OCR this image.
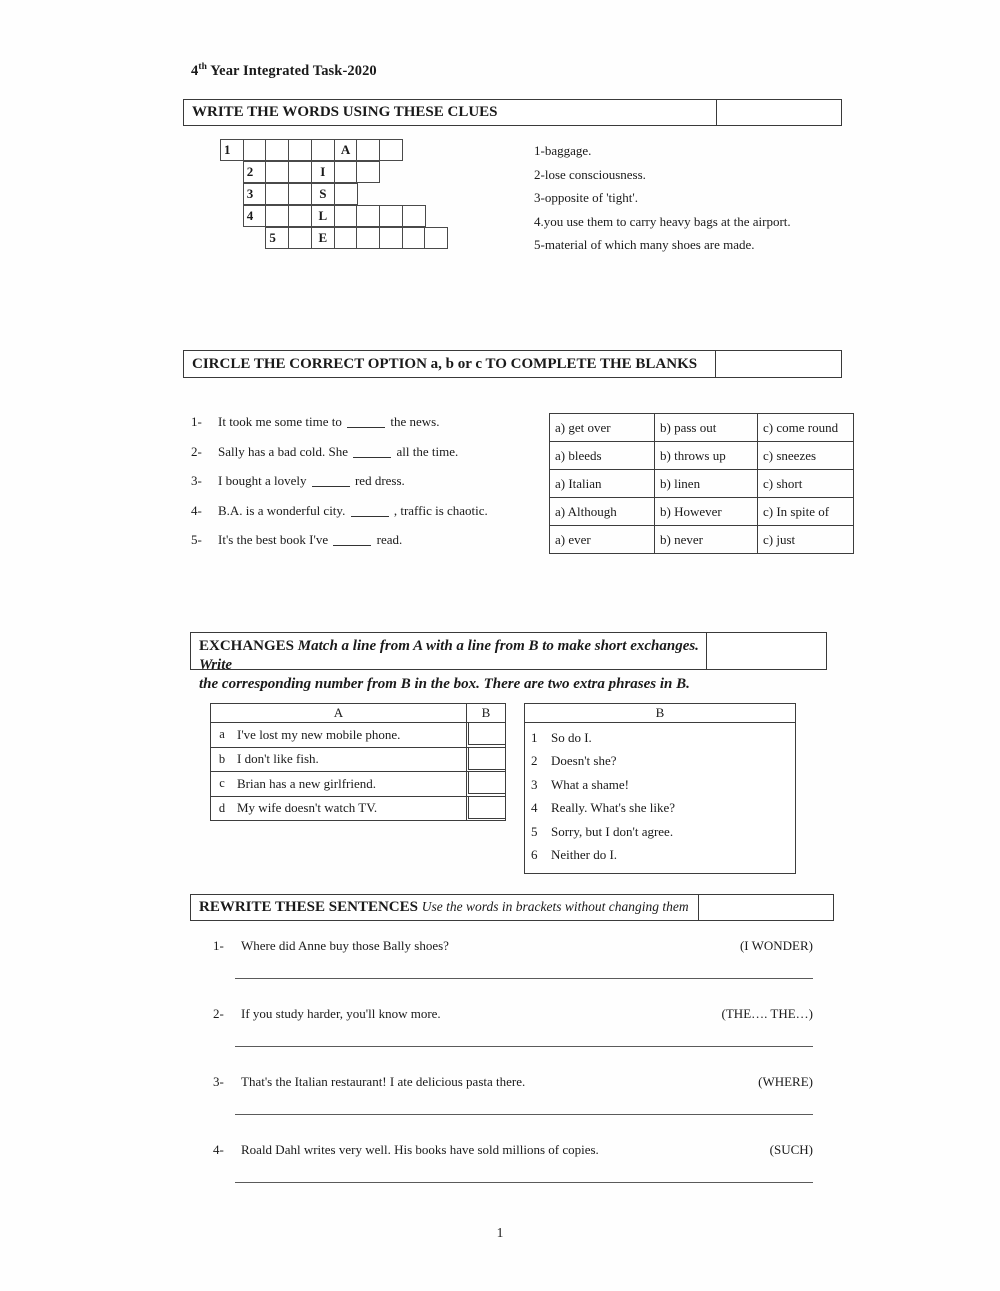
4th Year Integrated Task-2020
WRITE THE WORDS USING THESE CLUES
1	A
2	I
3	S
4	L
5	E
1-baggage.
2-lose consciousness.
3-opposite of 'tight'.
4.you use them to carry heavy bags at the airport.
5-material of which many shoes are made.
CIRCLE THE CORRECT OPTION a, b or c TO COMPLETE THE BLANKS
1-	It took me some time to	the news.
2-	Sally has a bad cold. She	all the time.
3-	I bought a lovely	red dress.
4-	B.A. is a wonderful city.	, traffic is chaotic.
5-	It's the best book I've	read.
a) get over	b) pass out	c) come round
a) bleeds	b) throws up	c) sneezes
a) Italian	b) linen	c) short
a) Although	b) However	c) In spite of
a) ever	b) never	c) just
EXCHANGES Match a line from A with a line from B to make short exchanges. Write
the corresponding number from B in the box. There are two extra phrases in B.
A		B
a	I've lost my new mobile phone.	
b	I don't like fish.	
c	Brian has a new girlfriend.	
d	My wife doesn't watch TV.	
B
1	So do I.
2	Doesn't she?
3	What a shame!
4	Really. What's she like?
5	Sorry, but I don't agree.
6	Neither do I.
REWRITE THESE SENTENCES Use the words in brackets without changing them
1-	Where did Anne buy those Bally shoes?	(I WONDER)
2-	If you study harder, you'll know more.	(THE…. THE…)
3-	That's the Italian restaurant! I ate delicious pasta there.	(WHERE)
4-	Roald Dahl writes very well. His books have sold millions of copies.	(SUCH)
1
